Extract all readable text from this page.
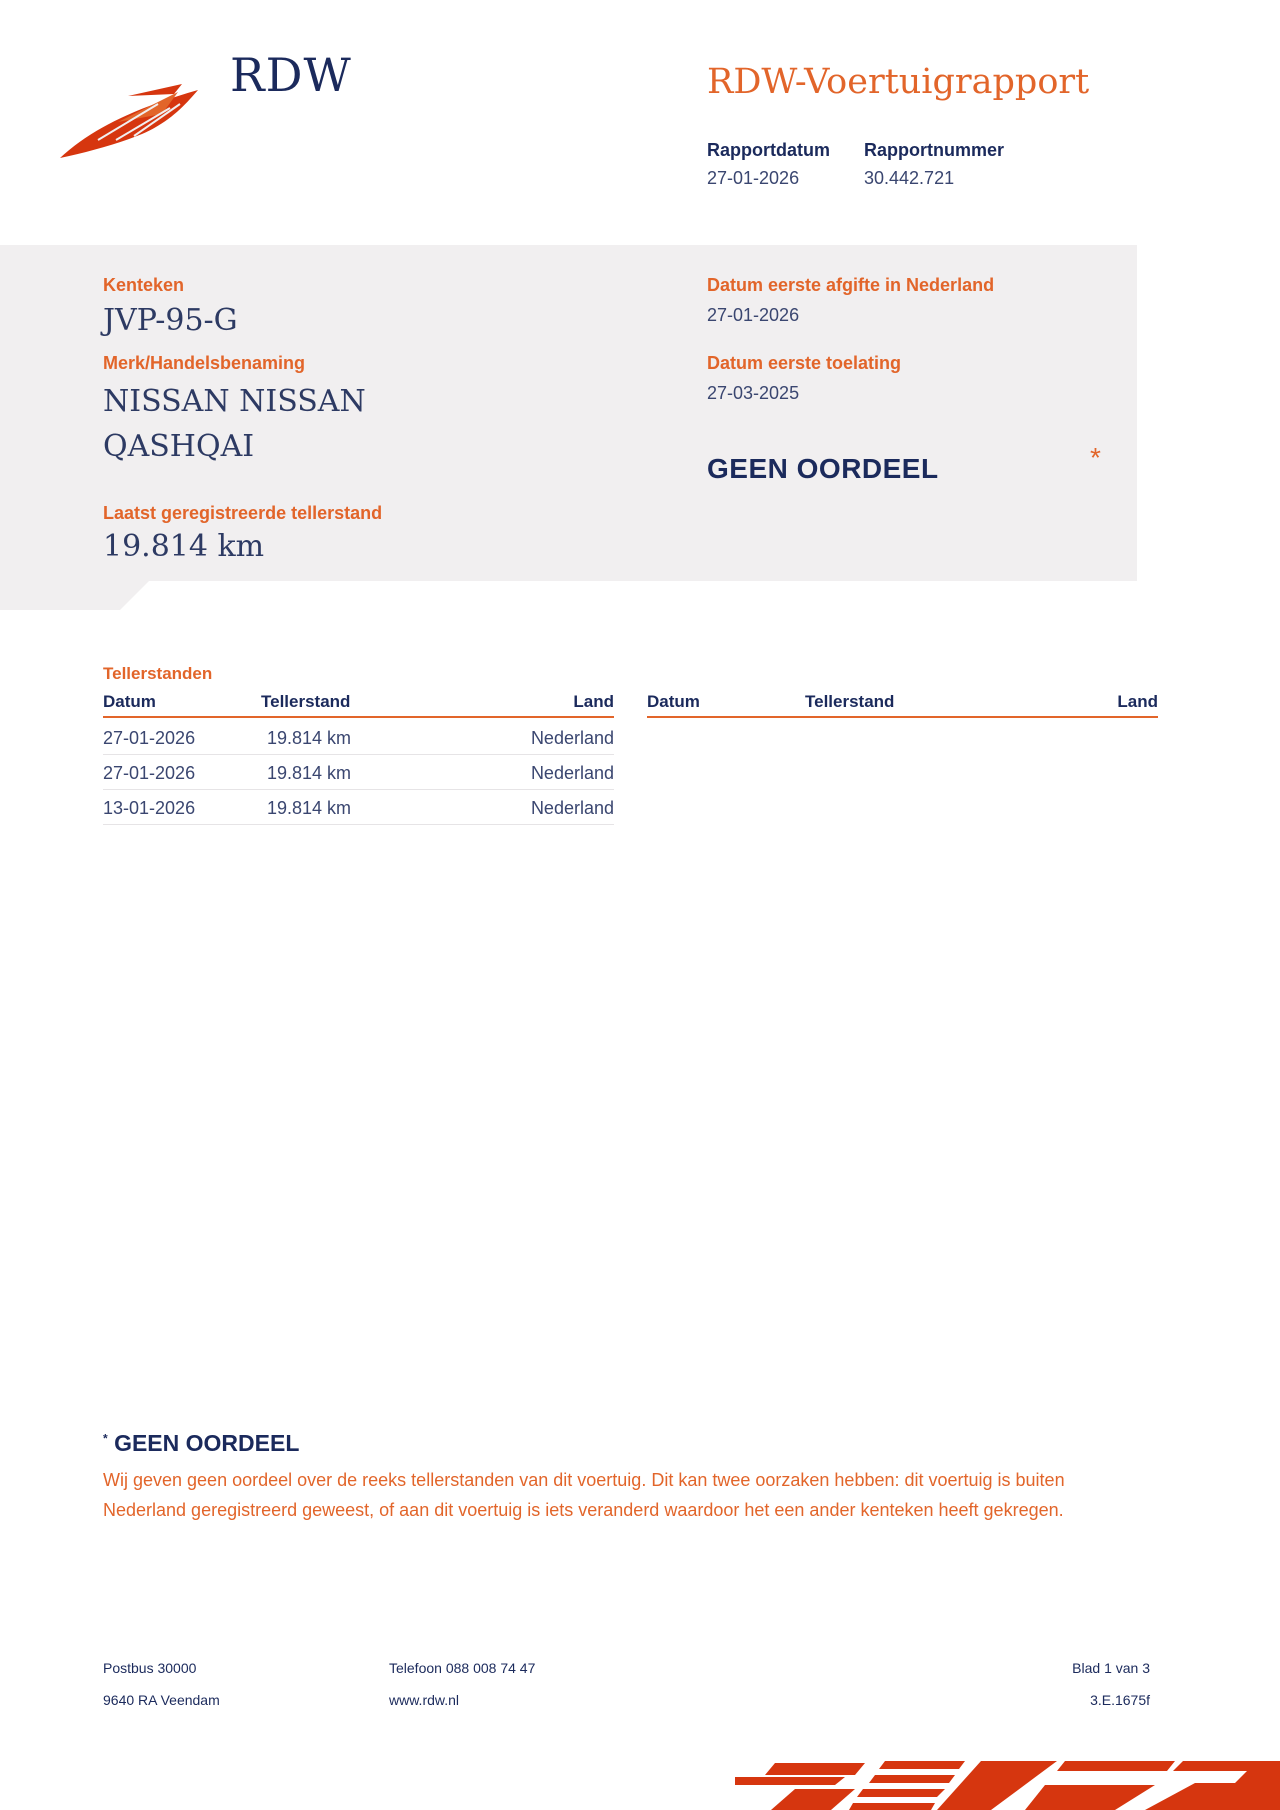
RDW	RDW-Voertuigrapport
Rapportdatum
27-01-2026
Rapportnummer
30.442.721
Kenteken
JVP-95-G
Merk/Handelsbenaming
NISSAN NISSAN
QASHQAI
Laatst geregistreerde tellerstand
19.814 km
Datum eerste afgifte in Nederland
27-01-2026
Datum eerste toelating
27-03-2025
GEEN OORDEEL	*
Tellerstanden
Datum	Tellerstand	Land
27-01-2026	19.814 km	Nederland
27-01-2026	19.814 km	Nederland
13-01-2026	19.814 km	Nederland
Datum	Tellerstand	Land
* GEEN OORDEEL
Wij geven geen oordeel over de reeks tellerstanden van dit voertuig. Dit kan twee oorzaken hebben: dit voertuig is buiten Nederland geregistreerd geweest, of aan dit voertuig is iets veranderd waardoor het een ander kenteken heeft gekregen.
Postbus 30000
9640 RA Veendam
Telefoon 088 008 74 47
www.rdw.nl
Blad 1 van 3
3.E.1675f
